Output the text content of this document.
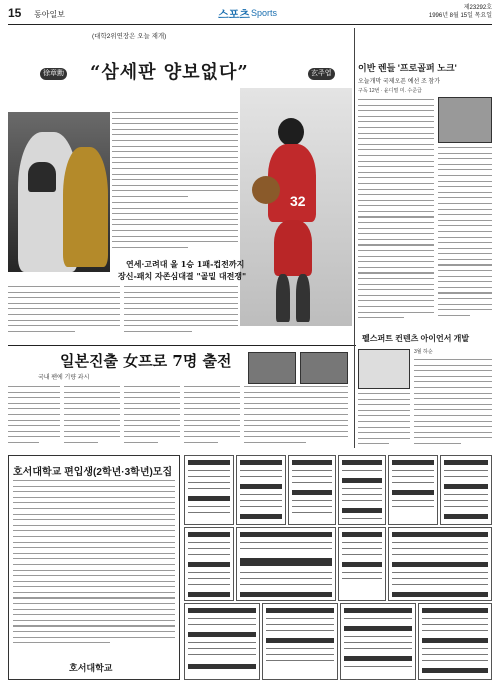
15 동아일보	스포츠 Sports	제23292호
1996년 8월 15일 목요일
(대학2위연장은 오늘 재개)
徐章勳 “삼세판 양보없다”	玄주엽
32
연세·고려대 올 1승 1패-컵전까지
장신-패치 자존심대결 "골밑 대전쟁"
일본진출 女프로 7명 출전
국내 팬에 기량 과시
이반 렌들 '프로골퍼 노크'
오늘개막 국제오픈 예선 조 참가
구독 12번 · 윤디멀 미. 수준급
펠스퍼트 컨텐츠 아이언서 개발
3월 하순
호서대학교 편입생(2학년·3학년)모집
호서대학교
